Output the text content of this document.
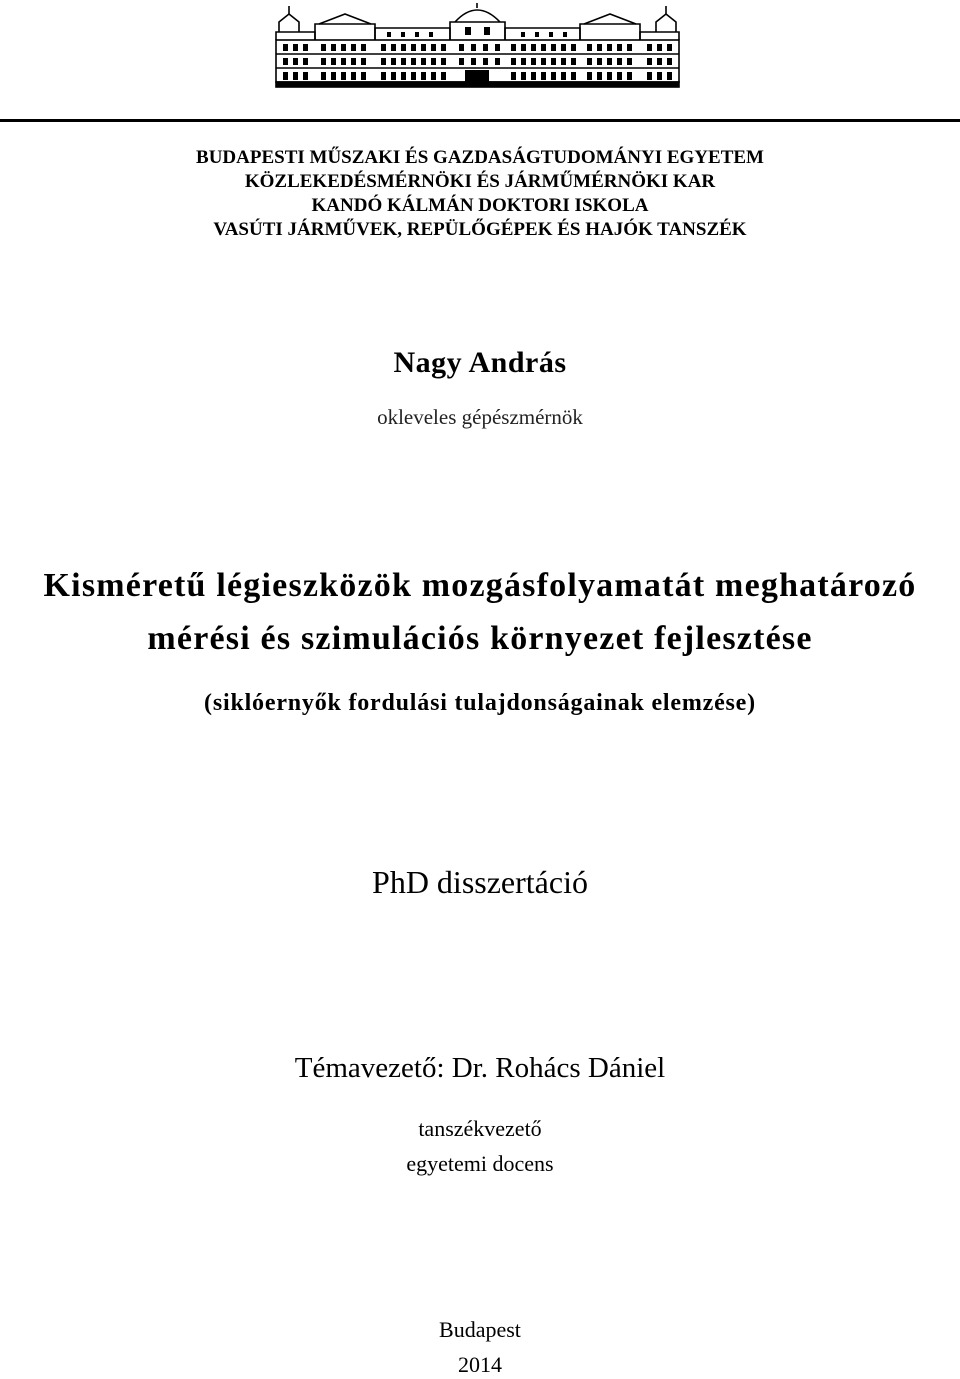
BUDAPESTI MŰSZAKI ÉS GAZDASÁGTUDOMÁNYI EGYETEM
KÖZLEKEDÉSMÉRNÖKI ÉS JÁRMŰMÉRNÖKI KAR
KANDÓ KÁLMÁN DOKTORI ISKOLA
VASÚTI JÁRMŰVEK, REPÜLŐGÉPEK ÉS HAJÓK TANSZÉK
Nagy András
okleveles gépészmérnök
Kisméretű légieszközök mozgásfolyamatát meghatározó
mérési és szimulációs környezet fejlesztése
(siklóernyők fordulási tulajdonságainak elemzése)
PhD disszertáció
Témavezető: Dr. Rohács Dániel
tanszékvezető
egyetemi docens
Budapest
2014
